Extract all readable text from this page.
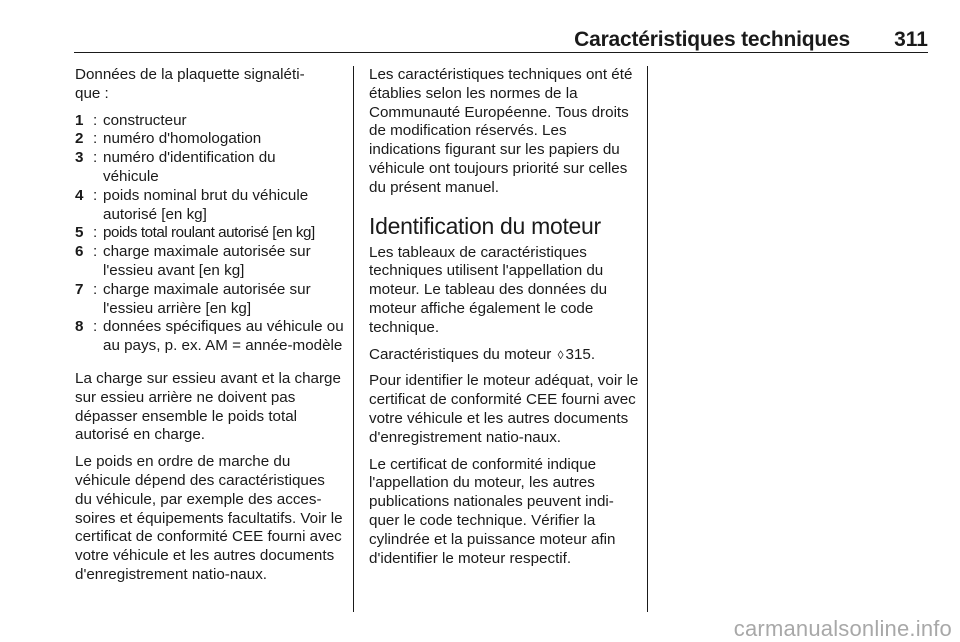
Caractéristiques techniques	311

Données de la plaquette signaléti-que :

1 : constructeur
2 : numéro d'homologation
3 : numéro d'identification du véhicule
4 : poids nominal brut du véhicule autorisé [en kg]
5 : poids total roulant autorisé [en kg]
6 : charge maximale autorisée sur l'essieu avant [en kg]
7 : charge maximale autorisée sur l'essieu arrière [en kg]
8 : données spécifiques au véhicule ou au pays, p. ex. AM = année-modèle

La charge sur essieu avant et la charge sur essieu arrière ne doivent pas dépasser ensemble le poids total autorisé en charge.

Le poids en ordre de marche du véhicule dépend des caractéristiques du véhicule, par exemple des acces-soires et équipements facultatifs. Voir le certificat de conformité CEE fourni avec votre véhicule et les autres documents d'enregistrement natio-naux.

Les caractéristiques techniques ont été établies selon les normes de la Communauté Européenne. Tous droits de modification réservés. Les indications figurant sur les papiers du véhicule ont toujours priorité sur celles du présent manuel.

Identification du moteur

Les tableaux de caractéristiques techniques utilisent l'appellation du moteur. Le tableau des données du moteur affiche également le code technique.

Caractéristiques du moteur ◊ 315.

Pour identifier le moteur adéquat, voir le certificat de conformité CEE fourni avec votre véhicule et les autres documents d'enregistrement natio-naux.

Le certificat de conformité indique l'appellation du moteur, les autres publications nationales peuvent indi-quer le code technique. Vérifier la cylindrée et la puissance moteur afin d'identifier le moteur respectif.

carmanualsonline.info
